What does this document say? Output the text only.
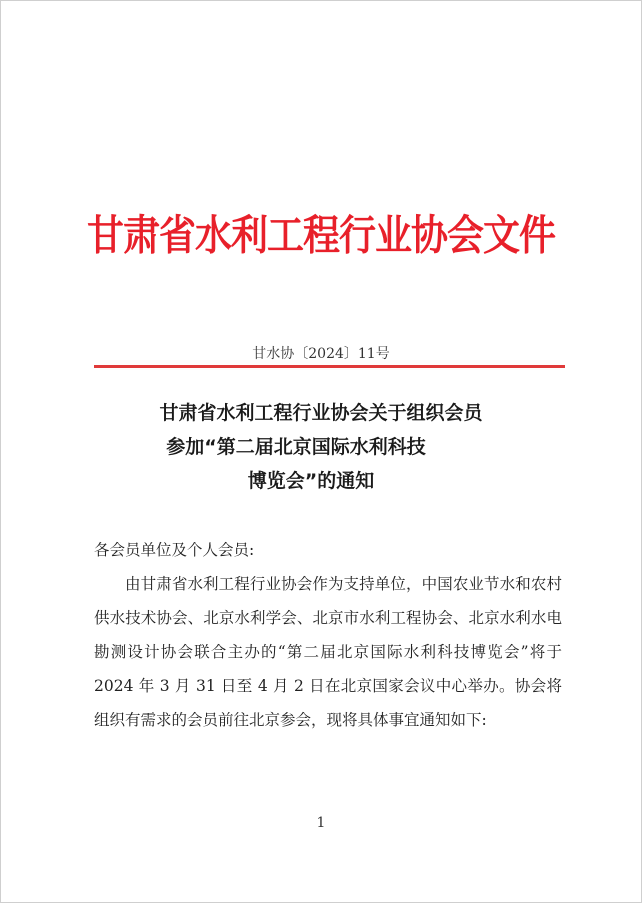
甘肃省水利工程行业协会文件
甘水协〔2024〕11号
甘肃省水利工程行业协会关于组织会员
参加“第二届北京国际水利科技
博览会”的通知
各会员单位及个人会员:

由甘肃省水利工程行业协会作为支持单位，中国农业节水和农村供水技术协会、北京水利学会、北京市水利工程协会、北京水利水电勘测设计协会联合主办的“第二届北京国际水利科技博览会”将于 2024 年 3 月 31 日至 4 月 2 日在北京国家会议中心举办。协会将组织有需求的会员前往北京参会，现将具体事宜通知如下:

1
